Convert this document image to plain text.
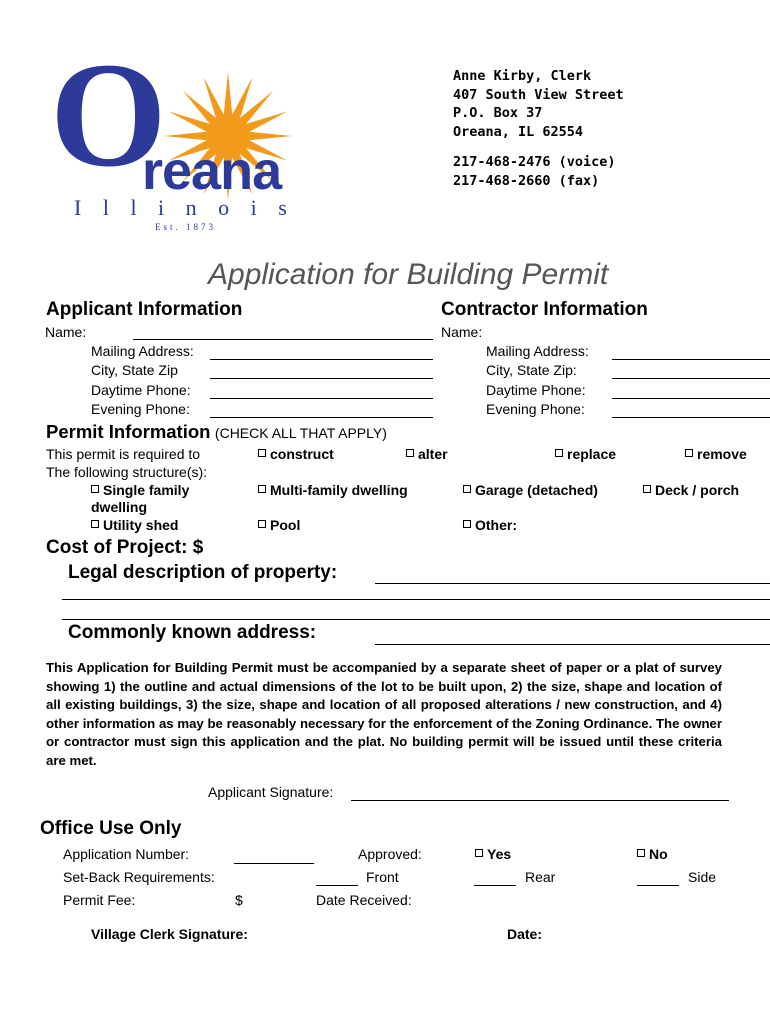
O
reana
I l l i n o i s
Est. 1873
Anne Kirby, Clerk
407 South View Street
P.O. Box 37
Oreana, IL 62554
217-468-2476 (voice)
217-468-2660 (fax)
Application for Building Permit
Applicant Information
Name:
Mailing Address:
City, State Zip
Daytime Phone:
Evening Phone:
Contractor Information
Name:
Mailing Address:
City, State Zip:
Daytime Phone:
Evening Phone:
Permit Information (CHECK ALL THAT APPLY)
This permit is required to
The following structure(s):
construct	alter	replace	remove
Single family
dwelling
Multi-family dwelling	Garage (detached)	Deck / porch
Utility shed	Pool	Other:
Cost of Project: $
Legal description of property:
Commonly known address:
This Application for Building Permit must be accompanied by a separate sheet of paper or a plat of survey showing 1) the outline and actual dimensions of the lot to be built upon, 2) the size, shape and location of all existing buildings, 3) the size, shape and location of all proposed alterations / new construction, and 4) other information as may be reasonably necessary for the enforcement of the Zoning Ordinance. The owner or contractor must sign this application and the plat. No building permit will be issued until these criteria are met.
Applicant Signature:
Office Use Only
Application Number:	Approved:	Yes	No
Set-Back Requirements:	Front	Rear	Side
Permit Fee:	$	Date Received:
Village Clerk Signature:	Date:
